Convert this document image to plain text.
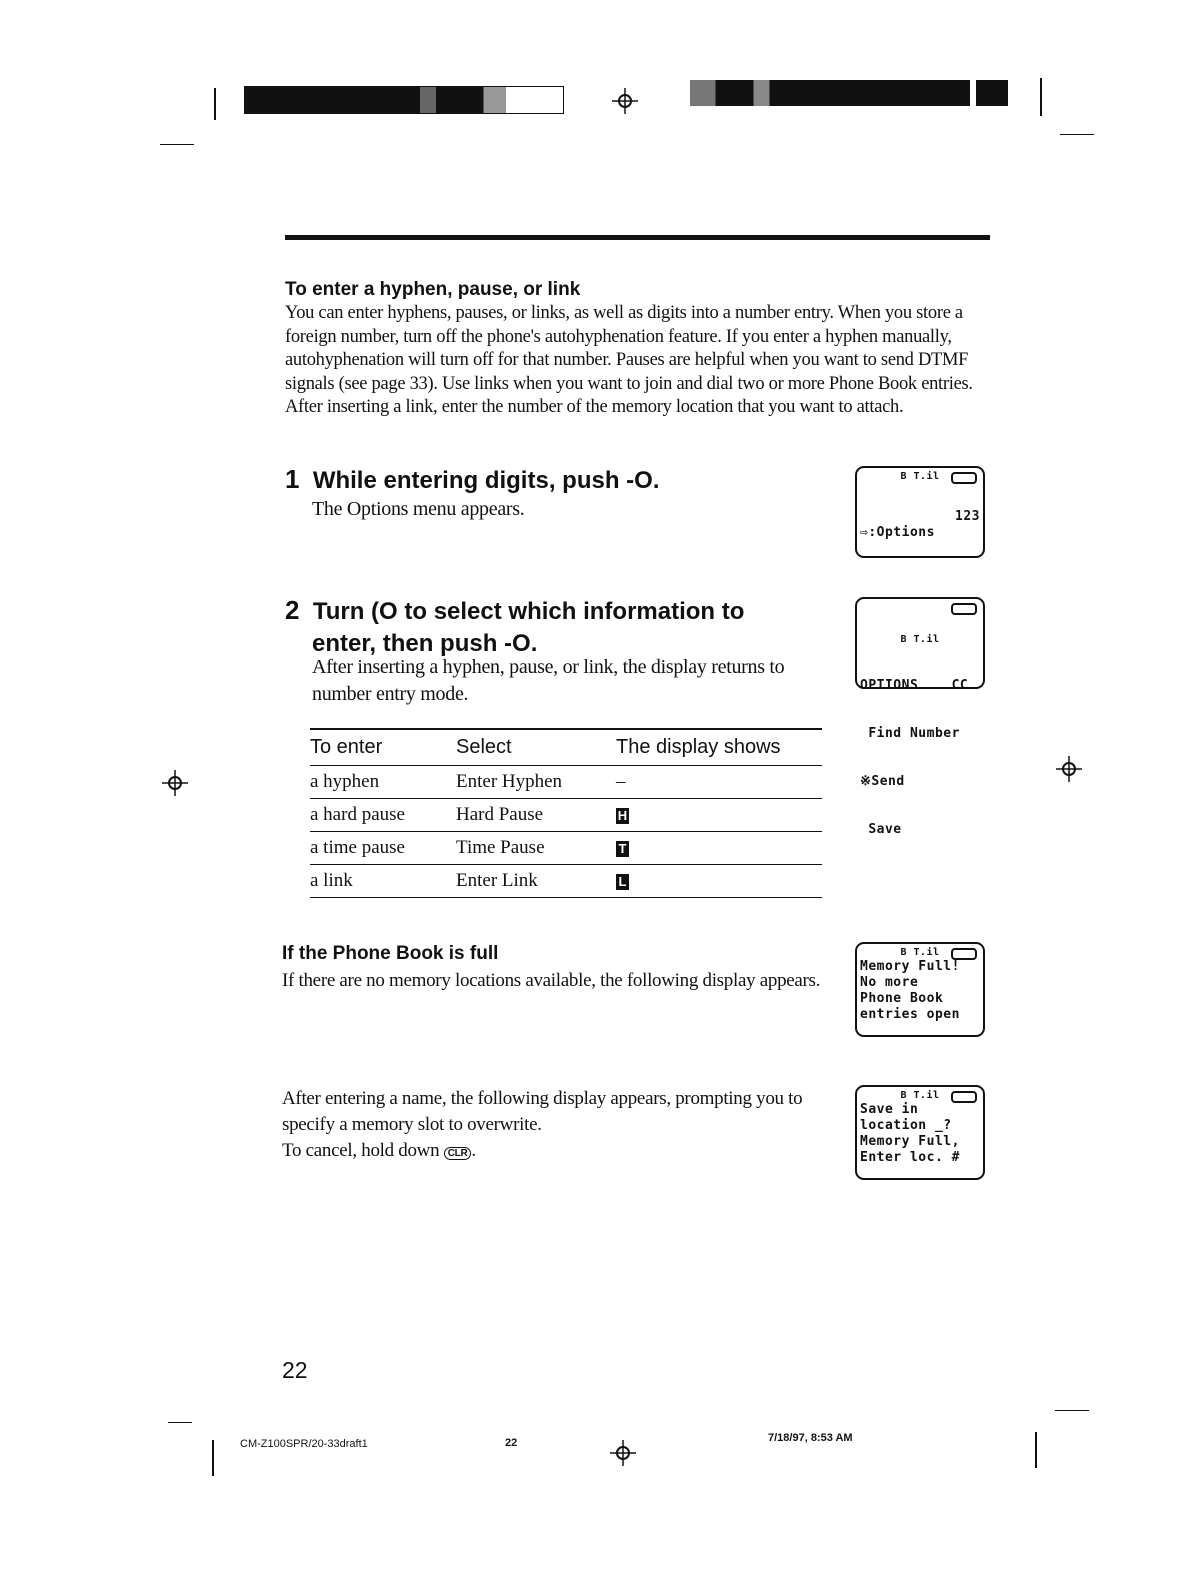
To enter a hyphen, pause, or link
You can enter hyphens, pauses, or links, as well as digits into a number entry. When you store a foreign number, turn off the phone's autohyphenation feature. If you enter a hyphen manually, autohyphenation will turn off for that number. Pauses are helpful when you want to send DTMF signals (see page 33). Use links when you want to join and dial two or more Phone Book entries. After inserting a link, enter the number of the memory location that you want to attach.
1 While entering digits, push -O.
The Options menu appears.
2 Turn (O to select which information to
enter, then push -O.
After inserting a hyphen, pause, or link, the display returns to number entry mode.
To enter	Select	The display shows
a hyphen	Enter Hyphen	–
a hard pause	Hard Pause	H
a time pause	Time Pause	T
a link	Enter Link	L
If the Phone Book is full
If there are no memory locations available, the following display appears.
After entering a name, the following display appears, prompting you to specify a memory slot to overwrite.
To cancel, hold down CLR .
B T.il
123
⇨:Options

B T.il

OPTIONS    CC

Find Number

※Send

Save

B T.il
Memory Full!
No more
Phone Book
entries open
B T.il
Save in
location _?
Memory Full,
Enter loc. #
22
CM-Z100SPR/20-33draft1	22	7/18/97, 8:53 AM
